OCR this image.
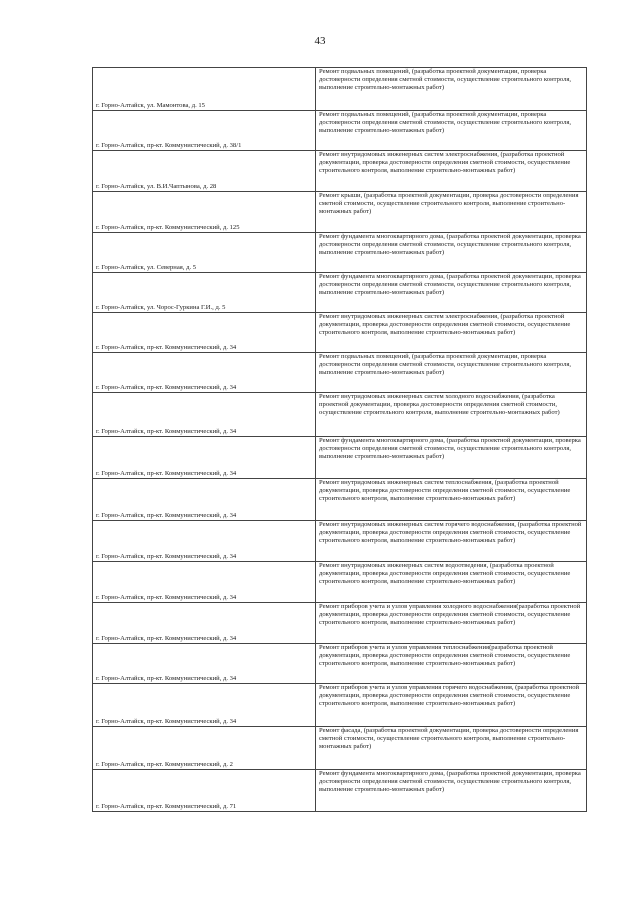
43
г. Горно-Алтайск, ул. Мамонтова, д. 15	Ремонт подвальных помещений, (разработка проектной документации, проверка достоверности определения сметной стоимости, осуществление строительного контроля, выполнение строительно-монтажных работ)
г. Горно-Алтайск, пр-кт. Коммунистический, д. 38/1	Ремонт подвальных помещений, (разработка проектной документации, проверка достоверности определения сметной стоимости, осуществление строительного контроля, выполнение строительно-монтажных работ)
г. Горно-Алтайск, ул. В.И.Чаптынова, д. 28	Ремонт внутридомовых инженерных систем электроснабжения, (разработка проектной документации, проверка достоверности определения сметной стоимости, осуществление строительного контроля, выполнение строительно-монтажных работ)
г. Горно-Алтайск, пр-кт. Коммунистический, д. 125	Ремонт крыши, (разработка проектной документации, проверка достоверности определения сметной стоимости, осуществление строительного контроля, выполнение строительно-монтажных работ)
г. Горно-Алтайск, ул. Северная, д. 5	Ремонт фундамента многоквартирного дома, (разработка проектной документации, проверка достоверности определения сметной стоимости, осуществление строительного контроля, выполнение строительно-монтажных работ)
г. Горно-Алтайск, ул. Чорос-Гуркина Г.И., д. 5	Ремонт фундамента многоквартирного дома, (разработка проектной документации, проверка достоверности определения сметной стоимости, осуществление строительного контроля, выполнение строительно-монтажных работ)
г. Горно-Алтайск, пр-кт. Коммунистический, д. 34	Ремонт внутридомовых инженерных систем электроснабжения, (разработка проектной документации, проверка достоверности определения сметной стоимости, осуществление строительного контроля, выполнение строительно-монтажных работ)
г. Горно-Алтайск, пр-кт. Коммунистический, д. 34	Ремонт подвальных помещений, (разработка проектной документации, проверка достоверности определения сметной стоимости, осуществление строительного контроля, выполнение строительно-монтажных работ)
г. Горно-Алтайск, пр-кт. Коммунистический, д. 34	Ремонт внутридомовых инженерных систем холодного водоснабжения, (разработка проектной документации, проверка достоверности определения сметной стоимости, осуществление строительного контроля, выполнение строительно-монтажных работ)
г. Горно-Алтайск, пр-кт. Коммунистический, д. 34	Ремонт фундамента многоквартирного дома, (разработка проектной документации, проверка достоверности определения сметной стоимости, осуществление строительного контроля, выполнение строительно-монтажных работ)
г. Горно-Алтайск, пр-кт. Коммунистический, д. 34	Ремонт внутридомовых инженерных систем теплоснабжения, (разработка проектной документации, проверка достоверности определения сметной стоимости, осуществление строительного контроля, выполнение строительно-монтажных работ)
г. Горно-Алтайск, пр-кт. Коммунистический, д. 34	Ремонт внутридомовых инженерных систем горячего водоснабжения, (разработка проектной документации, проверка достоверности определения сметной стоимости, осуществление строительного контроля, выполнение строительно-монтажных работ)
г. Горно-Алтайск, пр-кт. Коммунистический, д. 34	Ремонт внутридомовых инженерных систем водоотведения, (разработка проектной документации, проверка достоверности определения сметной стоимости, осуществление строительного контроля, выполнение строительно-монтажных работ)
г. Горно-Алтайск, пр-кт. Коммунистический, д. 34	Ремонт приборов учета и узлов управления холодного водоснабжения(разработка проектной документации, проверка достоверности определения сметной стоимости, осуществление строительного контроля, выполнение строительно-монтажных работ)
г. Горно-Алтайск, пр-кт. Коммунистический, д. 34	Ремонт приборов учета и узлов управления теплоснабжения(разработка проектной документации, проверка достоверности определения сметной стоимости, осуществление строительного контроля, выполнение строительно-монтажных работ)
г. Горно-Алтайск, пр-кт. Коммунистический, д. 34	Ремонт приборов учета и узлов управления горячего водоснабжения, (разработка проектной документации, проверка достоверности определения сметной стоимости, осуществление строительного контроля, выполнение строительно-монтажных работ)
г. Горно-Алтайск, пр-кт. Коммунистический, д. 2	Ремонт фасада, (разработка проектной документации, проверка достоверности определения сметной стоимости, осуществление строительного контроля, выполнение строительно-монтажных работ)
г. Горно-Алтайск, пр-кт. Коммунистический, д. 71	Ремонт фундамента многоквартирного дома, (разработка проектной документации, проверка достоверности определения сметной стоимости, осуществление строительного контроля, выполнение строительно-монтажных работ)
